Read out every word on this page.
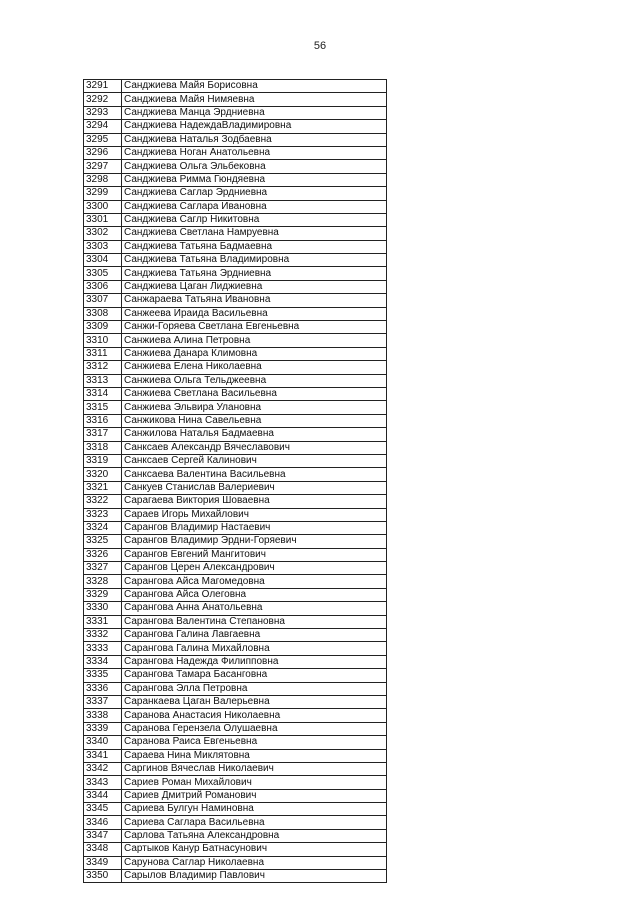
56
3291	Санджиева Майя Борисовна
3292	Санджиева Майя Нимяевна
3293	Санджиева Манца Эрдниевна
3294	Санджиева НадеждаВладимировна
3295	Санджиева Наталья Зодбаевна
3296	Санджиева Ноган Анатольевна
3297	Санджиева Ольга Эльбековна
3298	Санджиева Римма Гюндяевна
3299	Санджиева Саглар Эрдниевна
3300	Санджиева Саглара Ивановна
3301	Санджиева Саглр Никитовна
3302	Санджиева Светлана Намруевна
3303	Санджиева Татьяна Бадмаевна
3304	Санджиева Татьяна Владимировна
3305	Санджиева Татьяна Эрдниевна
3306	Санджиева Цаган Лиджиевна
3307	Санжараева Татьяна Ивановна
3308	Санжеева Ираида Васильевна
3309	Санжи-Горяева Светлана Евгеньевна
3310	Санжиева Алина Петровна
3311	Санжиева Данара Климовна
3312	Санжиева Елена Николаевна
3313	Санжиева Ольга Тельджеевна
3314	Санжиева Светлана Васильевна
3315	Санжиева Эльвира Улановна
3316	Санжикова Нина Савельевна
3317	Санжилова Наталья Бадмаевна
3318	Санксаев Александр Вячеславович
3319	Санксаев Сергей Калинович
3320	Санксаева Валентина Васильевна
3321	Санкуев Станислав Валериевич
3322	Сарагаева Виктория Шоваевна
3323	Сараев Игорь Михайлович
3324	Сарангов Владимир Настаевич
3325	Сарангов Владимир Эрдни-Горяевич
3326	Сарангов Евгений Мангитович
3327	Сарангов Церен Александрович
3328	Сарангова Айса Магомедовна
3329	Сарангова Айса Олеговна
3330	Сарангова Анна Анатольевна
3331	Сарангова Валентина Степановна
3332	Сарангова Галина Лавгаевна
3333	Сарангова Галина Михайловна
3334	Сарангова Надежда Филипповна
3335	Сарангова Тамара Басанговна
3336	Сарангова Элла Петровна
3337	Саранкаева Цаган Валерьевна
3338	Саранова Анастасия Николаевна
3339	Саранова Герензела Олушаевна
3340	Саранова Раиса Евгеньевна
3341	Сараева Нина Миклятовна
3342	Саргинов Вячеслав Николаевич
3343	Сариев Роман Михайлович
3344	Сариев Дмитрий Романович
3345	Сариева Булгун Наминовна
3346	Сариева Саглара Васильевна
3347	Сарлова Татьяна Александровна
3348	Сартыков Канур Батнасунович
3349	Сарунова Саглар Николаевна
3350	Сарылов Владимир Павлович
